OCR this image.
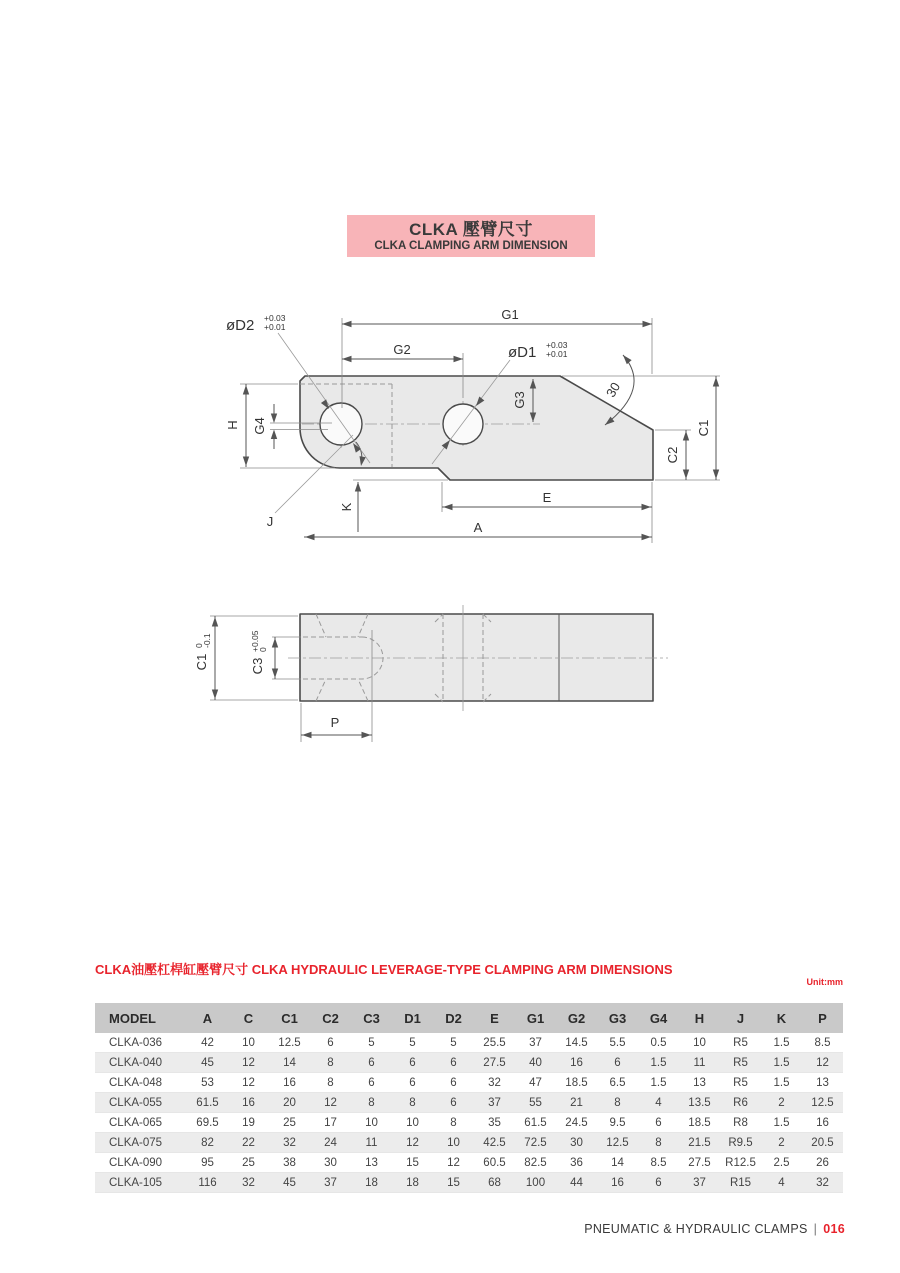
CLKA 壓臂尺寸
CLKA CLAMPING ARM DIMENSION
G1
G2
G3
H G4	C1
C2
E
A
K
J
30
øD2 +0.03
+0.01
øD1 +0.03
+0.01
C1
0
-0.1
C3
+0.05
0
P
CLKA油壓杠桿缸壓臂尺寸 CLKA HYDRAULIC LEVERAGE-TYPE CLAMPING ARM DIMENSIONS
Unit:mm
MODEL	A	C	C1	C2	C3	D1	D2	E	G1	G2	G3	G4	H	J	K	P
CLKA-036	42	10	12.5	6	5	5	5	25.5	37	14.5	5.5	0.5	10	R5	1.5	8.5
CLKA-040	45	12	14	8	6	6	6	27.5	40	16	6	1.5	11	R5	1.5	12
CLKA-048	53	12	16	8	6	6	6	32	47	18.5	6.5	1.5	13	R5	1.5	13
CLKA-055	61.5	16	20	12	8	8	6	37	55	21	8	4	13.5	R6	2	12.5
CLKA-065	69.5	19	25	17	10	10	8	35	61.5	24.5	9.5	6	18.5	R8	1.5	16
CLKA-075	82	22	32	24	11	12	10	42.5	72.5	30	12.5	8	21.5	R9.5	2	20.5
CLKA-090	95	25	38	30	13	15	12	60.5	82.5	36	14	8.5	27.5	R12.5	2.5	26
CLKA-105	116	32	45	37	18	18	15	68	100	44	16	6	37	R15	4	32
PNEUMATIC & HYDRAULIC CLAMPS | 016
